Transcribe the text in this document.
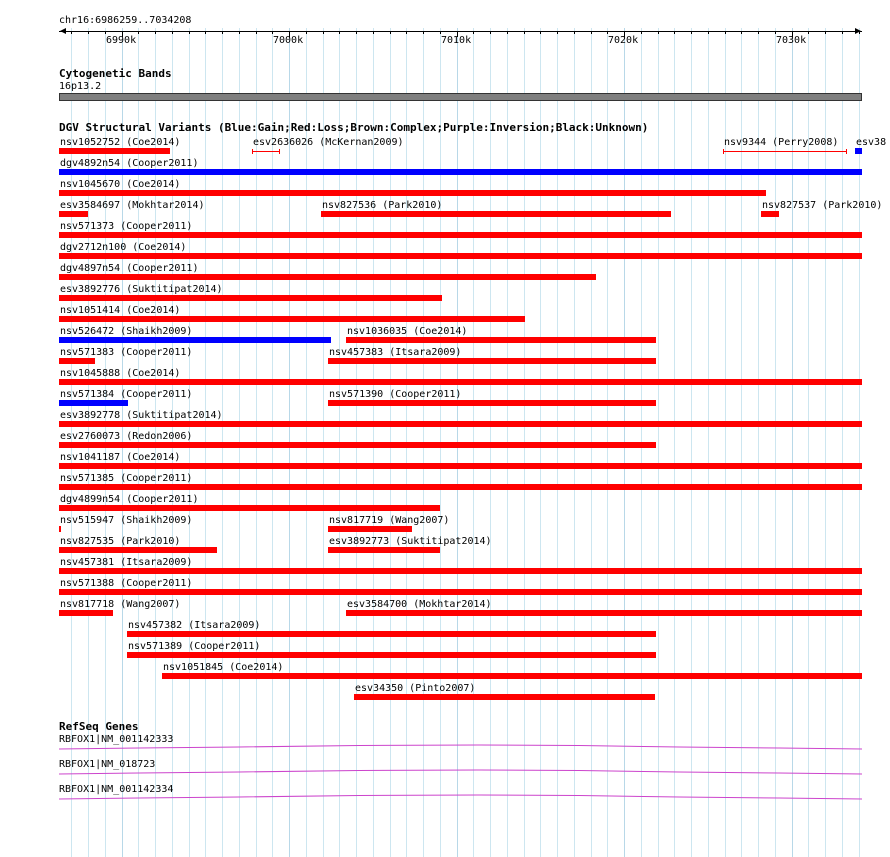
chr16:6986259..7034208
6990k	7000k	7010k	7020k	7030k
Cytogenetic Bands
16p13.2
DGV Structural Variants (Blue:Gain;Red:Loss;Brown:Complex;Purple:Inversion;Black:Unknown)
nsv1052752 (Coe2014)	esv2636026 (McKernan2009)	nsv9344 (Perry2008) esv38
dgv4892n54 (Cooper2011)
nsv1045670 (Coe2014)
esv3584697 (Mokhtar2014)	nsv827536 (Park2010)	nsv827537 (Park2010)
nsv571373 (Cooper2011)
dgv2712n100 (Coe2014)
dgv4897n54 (Cooper2011)
esv3892776 (Suktitipat2014)
nsv1051414 (Coe2014)
nsv526472 (Shaikh2009)	nsv1036035 (Coe2014)
nsv571383 (Cooper2011)	nsv457383 (Itsara2009)
nsv1045888 (Coe2014)
nsv571384 (Cooper2011)	nsv571390 (Cooper2011)
esv3892778 (Suktitipat2014)
esv2760073 (Redon2006)
nsv1041187 (Coe2014)
nsv571385 (Cooper2011)
dgv4899n54 (Cooper2011)
nsv515947 (Shaikh2009)	nsv817719 (Wang2007)
nsv827535 (Park2010)	esv3892773 (Suktitipat2014)
nsv457381 (Itsara2009)
nsv571388 (Cooper2011)
nsv817718 (Wang2007)	esv3584700 (Mokhtar2014)
nsv457382 (Itsara2009)
nsv571389 (Cooper2011)
nsv1051845 (Coe2014)
esv34350 (Pinto2007)
RefSeq Genes
RBFOX1|NM_001142333
RBFOX1|NM_018723
RBFOX1|NM_001142334
